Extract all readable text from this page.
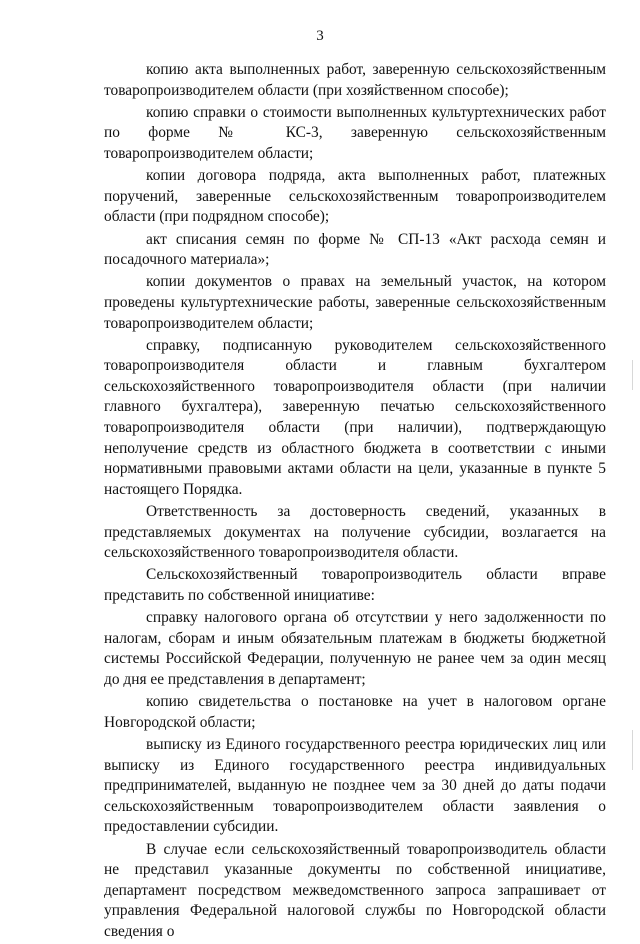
3

копию акта выполненных работ, заверенную сельскохозяйственным товаропроизводителем области (при хозяйственном способе);

копию справки о стоимости выполненных культуртехнических работ по форме № КС-3, заверенную сельскохозяйственным товаропроизводителем области;

копии договора подряда, акта выполненных работ, платежных поручений, заверенные сельскохозяйственным товаропроизводителем области (при подрядном способе);

акт списания семян по форме № СП-13 «Акт расхода семян и посадочного материала»;

копии документов о правах на земельный участок, на котором проведены культуртехнические работы, заверенные сельскохозяйственным товаропроизводителем области;

справку, подписанную руководителем сельскохозяйственного товаропроизводителя области и главным бухгалтером сельскохозяйственного товаропроизводителя области (при наличии главного бухгалтера), заверенную печатью сельскохозяйственного товаропроизводителя области (при наличии), подтверждающую неполучение средств из областного бюджета в соответствии с иными нормативными правовыми актами области на цели, указанные в пункте 5 настоящего Порядка.

Ответственность за достоверность сведений, указанных в представляемых документах на получение субсидии, возлагается на сельскохозяйственного товаропроизводителя области.

Сельскохозяйственный товаропроизводитель области вправе представить по собственной инициативе:

справку налогового органа об отсутствии у него задолженности по налогам, сборам и иным обязательным платежам в бюджеты бюджетной системы Российской Федерации, полученную не ранее чем за один месяц до дня ее представления в департамент;

копию свидетельства о постановке на учет в налоговом органе Новгородской области;

выписку из Единого государственного реестра юридических лиц или выписку из Единого государственного реестра индивидуальных предпринимателей, выданную не позднее чем за 30 дней до даты подачи сельскохозяйственным товаропроизводителем области заявления о предоставлении субсидии.

В случае если сельскохозяйственный товаропроизводитель области не представил указанные документы по собственной инициативе, департамент посредством межведомственного запроса запрашивает от управления Федеральной налоговой службы по Новгородской области сведения о
